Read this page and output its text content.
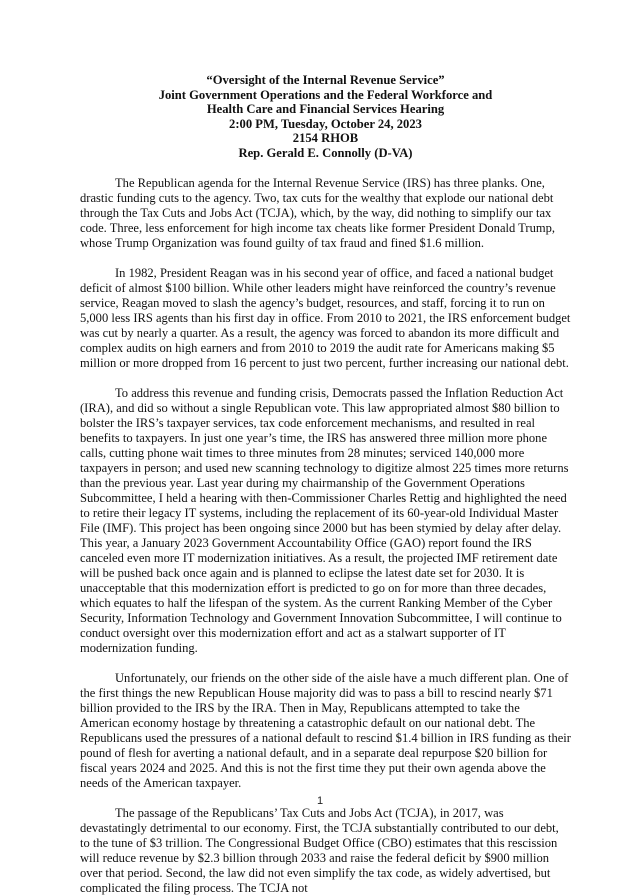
“Oversight of the Internal Revenue Service”
Joint Government Operations and the Federal Workforce and
Health Care and Financial Services Hearing
2:00 PM, Tuesday, October 24, 2023
2154 RHOB
Rep. Gerald E. Connolly (D-VA)

The Republican agenda for the Internal Revenue Service (IRS) has three planks. One, drastic funding cuts to the agency. Two, tax cuts for the wealthy that explode our national debt through the Tax Cuts and Jobs Act (TCJA), which, by the way, did nothing to simplify our tax code. Three, less enforcement for high income tax cheats like former President Donald Trump, whose Trump Organization was found guilty of tax fraud and fined $1.6 million.

In 1982, President Reagan was in his second year of office, and faced a national budget deficit of almost $100 billion. While other leaders might have reinforced the country’s revenue service, Reagan moved to slash the agency’s budget, resources, and staff, forcing it to run on 5,000 less IRS agents than his first day in office. From 2010 to 2021, the IRS enforcement budget was cut by nearly a quarter. As a result, the agency was forced to abandon its more difficult and complex audits on high earners and from 2010 to 2019 the audit rate for Americans making $5 million or more dropped from 16 percent to just two percent, further increasing our national debt.

To address this revenue and funding crisis, Democrats passed the Inflation Reduction Act (IRA), and did so without a single Republican vote. This law appropriated almost $80 billion to bolster the IRS’s taxpayer services, tax code enforcement mechanisms, and resulted in real benefits to taxpayers. In just one year’s time, the IRS has answered three million more phone calls, cutting phone wait times to three minutes from 28 minutes; serviced 140,000 more taxpayers in person; and used new scanning technology to digitize almost 225 times more returns than the previous year. Last year during my chairmanship of the Government Operations Subcommittee, I held a hearing with then-Commissioner Charles Rettig and highlighted the need to retire their legacy IT systems, including the replacement of its 60-year-old Individual Master File (IMF). This project has been ongoing since 2000 but has been stymied by delay after delay. This year, a January 2023 Government Accountability Office (GAO) report found the IRS canceled even more IT modernization initiatives. As a result, the projected IMF retirement date will be pushed back once again and is planned to eclipse the latest date set for 2030. It is unacceptable that this modernization effort is predicted to go on for more than three decades, which equates to half the lifespan of the system. As the current Ranking Member of the Cyber Security, Information Technology and Government Innovation Subcommittee, I will continue to conduct oversight over this modernization effort and act as a stalwart supporter of IT modernization funding.

Unfortunately, our friends on the other side of the aisle have a much different plan. One of the first things the new Republican House majority did was to pass a bill to rescind nearly $71 billion provided to the IRS by the IRA. Then in May, Republicans attempted to take the American economy hostage by threatening a catastrophic default on our national debt. The Republicans used the pressures of a national default to rescind $1.4 billion in IRS funding as their pound of flesh for averting a national default, and in a separate deal repurpose $20 billion for fiscal years 2024 and 2025. And this is not the first time they put their own agenda above the needs of the American taxpayer.

The passage of the Republicans’ Tax Cuts and Jobs Act (TCJA), in 2017, was devastatingly detrimental to our economy. First, the TCJA substantially contributed to our debt, to the tune of $3 trillion. The Congressional Budget Office (CBO) estimates that this rescission will reduce revenue by $2.3 billion through 2033 and raise the federal deficit by $900 million over that period. Second, the law did not even simplify the tax code, as widely advertised, but complicated the filing process. The TCJA not

1
